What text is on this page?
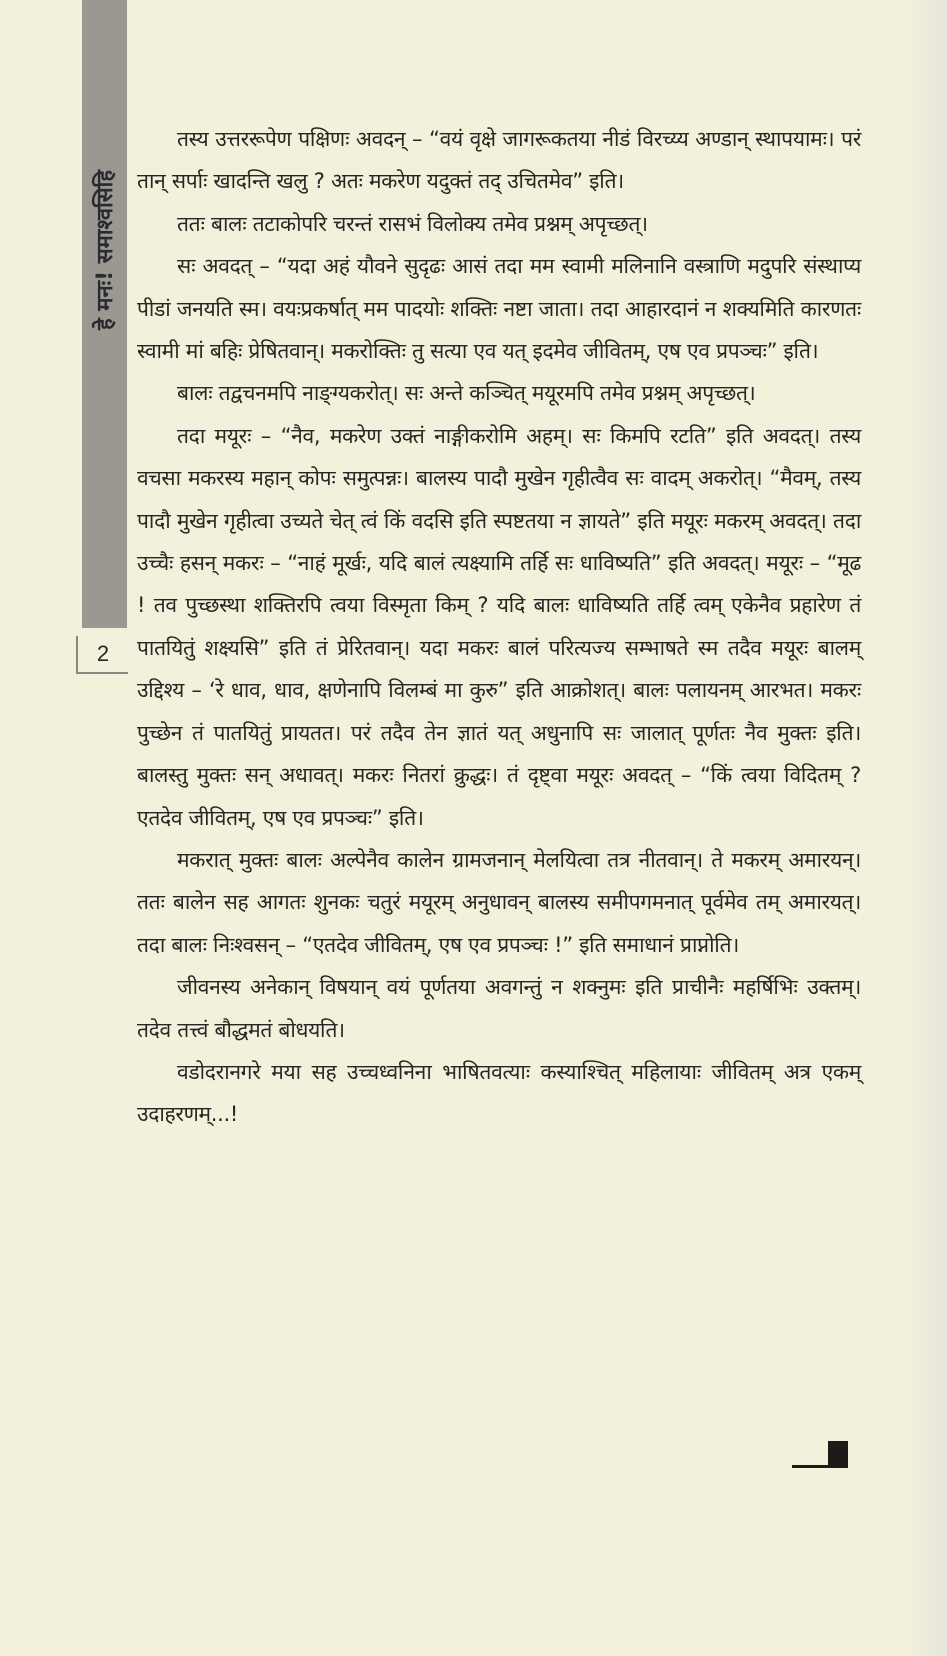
हे मनः! समाश्वसिहि
2

तस्य उत्तररूपेण पक्षिणः अवदन् – “वयं वृक्षे जागरूकतया नीडं विरच्य्य अण्डान् स्थापयामः। परं तान् सर्पाः खादन्ति खलु ? अतः मकरेण यदुक्तं तद् उचितमेव” इति।

ततः बालः तटाकोपरि चरन्तं रासभं विलोक्य तमेव प्रश्नम् अपृच्छत्।

सः अवदत् – “यदा अहं यौवने सुदृढः आसं तदा मम स्वामी मलिनानि वस्त्राणि मदुपरि संस्थाप्य पीडां जनयति स्म। वयःप्रकर्षात् मम पादयोः शक्तिः नष्टा जाता। तदा आहारदानं न शक्यमिति कारणतः स्वामी मां बहिः प्रेषितवान्। मकरोक्तिः तु सत्या एव यत् इदमेव जीवितम्, एष एव प्रपञ्चः” इति।

बालः तद्वचनमपि नाङ्ग्यकरोत्। सः अन्ते कञ्चित् मयूरमपि तमेव प्रश्नम् अपृच्छत्।

तदा मयूरः – “नैव, मकरेण उक्तं नाङ्गीकरोमि अहम्। सः किमपि रटति” इति अवदत्। तस्य वचसा मकरस्य महान् कोपः समुत्पन्नः। बालस्य पादौ मुखेन गृहीत्वैव सः वादम् अकरोत्। “मैवम्, तस्य पादौ मुखेन गृहीत्वा उच्यते चेत् त्वं किं वदसि इति स्पष्टतया न ज्ञायते” इति मयूरः मकरम् अवदत्। तदा उच्चैः हसन् मकरः – “नाहं मूर्खः, यदि बालं त्यक्ष्यामि तर्हि सः धाविष्यति” इति अवदत्। मयूरः – “मूढ ! तव पुच्छस्था शक्तिरपि त्वया विस्मृता किम् ? यदि बालः धाविष्यति तर्हि त्वम् एकेनैव प्रहारेण तं पातयितुं शक्ष्यसि” इति तं प्रेरितवान्। यदा मकरः बालं परित्यज्य सम्भाषते स्म तदैव मयूरः बालम् उद्दिश्य – ‘रे धाव, धाव, क्षणेनापि विलम्बं मा कुरु” इति आक्रोशत्। बालः पलायनम् आरभत। मकरः पुच्छेन तं पातयितुं प्रायतत। परं तदैव तेन ज्ञातं यत् अधुनापि सः जालात् पूर्णतः नैव मुक्तः इति। बालस्तु मुक्तः सन् अधावत्। मकरः नितरां क्रुद्धः। तं दृष्ट्वा मयूरः अवदत् – “किं त्वया विदितम् ? एतदेव जीवितम्, एष एव प्रपञ्चः” इति।

मकरात् मुक्तः बालः अल्पेनैव कालेन ग्रामजनान् मेलयित्वा तत्र नीतवान्। ते मकरम् अमारयन्। ततः बालेन सह आगतः शुनकः चतुरं मयूरम् अनुधावन् बालस्य समीपगमनात् पूर्वमेव तम् अमारयत्। तदा बालः निःश्वसन् – “एतदेव जीवितम्, एष एव प्रपञ्चः !” इति समाधानं प्राप्नोति।

जीवनस्य अनेकान् विषयान् वयं पूर्णतया अवगन्तुं न शक्नुमः इति प्राचीनैः महर्षिभिः उक्तम्। तदेव तत्त्वं बौद्धमतं बोधयति।

वडोदरानगरे मया सह उच्चध्वनिना भाषितवत्याः कस्याश्चित् महिलायाः जीवितम् अत्र एकम् उदाहरणम्...!
